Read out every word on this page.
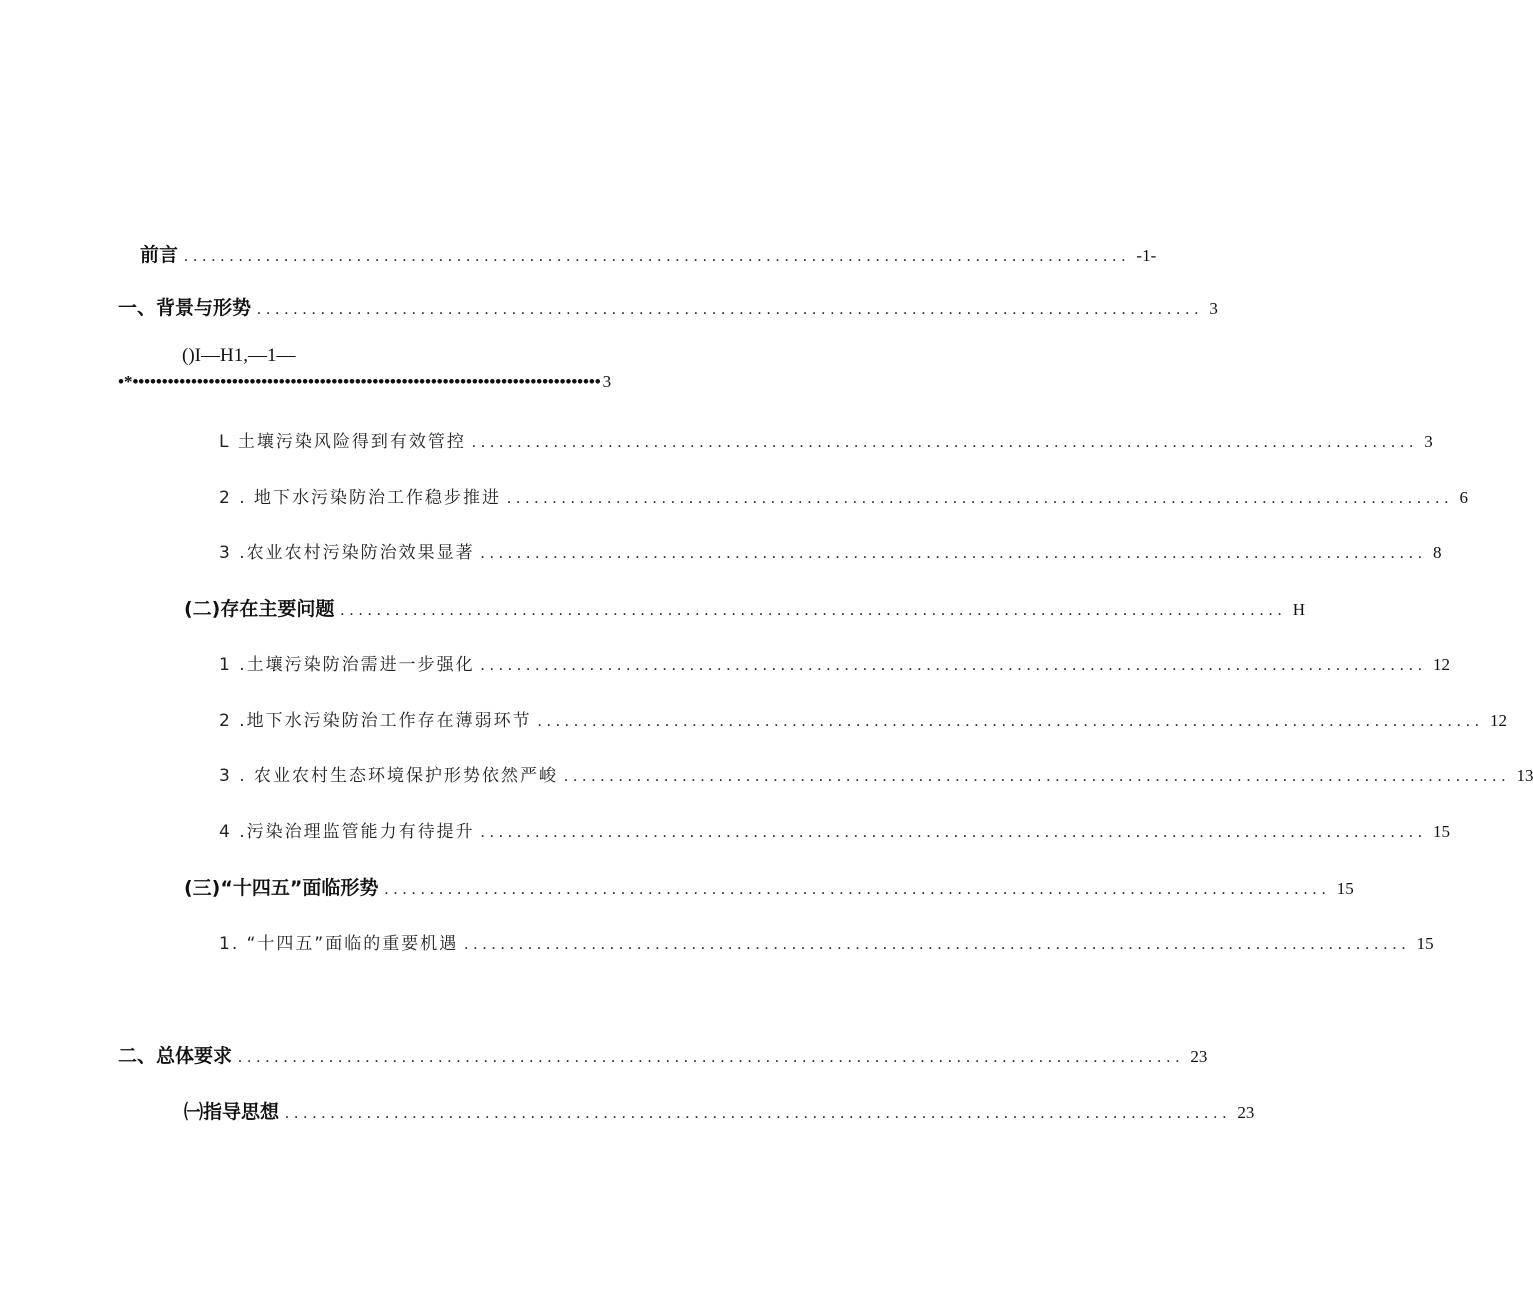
前言 ........................................................................................................ -1-
一、背景与形势 ........................................................................................................ 3
()I—H1,—1—
•* •••••••••••••••••••••••••••••••••••••••••••••••••••••••••••••••••••••••••••••••• 3
L 土壤污染风险得到有效管控 ........................................................................................................ 3
2 . 地下水污染防治工作稳步推进 ........................................................................................................ 6
3 .农业农村污染防治效果显著 ........................................................................................................ 8
(二)存在主要问题 ........................................................................................................ H
1 .土壤污染防治需进一步强化 ........................................................................................................ 12
2 .地下水污染防治工作存在薄弱环节 ........................................................................................................ 12
3 . 农业农村生态环境保护形势依然严峻 ........................................................................................................ 13
4 .污染治理监管能力有待提升 ........................................................................................................ 15
(三)“十四五”面临形势 ........................................................................................................ 15
1. “十四五”面临的重要机遇 ........................................................................................................ 15
二、总体要求 ........................................................................................................ 23
㈠指导思想 ........................................................................................................ 23
